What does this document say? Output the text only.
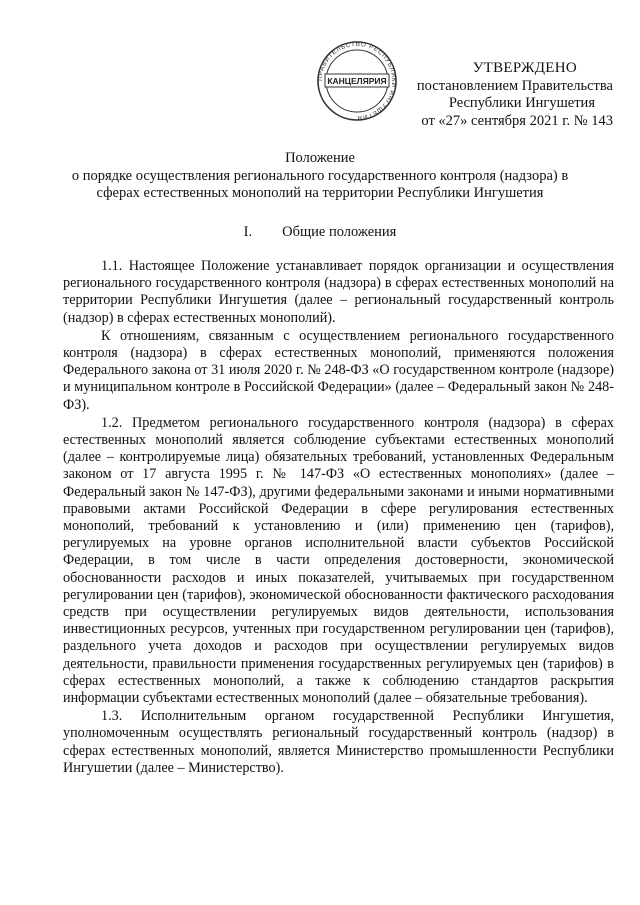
ПРАВИТЕЛЬСТВО РЕСПУБЛИКИ ИНГУШЕТИЯ
КАНЦЕЛЯРИЯ
УТВЕРЖДЕНО
постановлением Правительства
Республики Ингушетия
от «27» сентября 2021 г. № 143
Положение
о порядке осуществления регионального государственного контроля (надзора) в сферах естественных монополий на территории Республики Ингушетия
I. Общие положения

1.1. Настоящее Положение устанавливает порядок организации и осуществления регионального государственного контроля (надзора) в сферах естественных монополий на территории Республики Ингушетия (далее – региональный государственный контроль (надзор) в сферах естественных монополий).

К отношениям, связанным с осуществлением регионального государственного контроля (надзора) в сферах естественных монополий, применяются положения Федерального закона от 31 июля 2020 г. № 248-ФЗ «О государственном контроле (надзоре) и муниципальном контроле в Российской Федерации» (далее – Федеральный закон № 248-ФЗ).

1.2. Предметом регионального государственного контроля (надзора) в сферах естественных монополий является соблюдение субъектами естественных монополий (далее – контролируемые лица) обязательных требований, установленных Федеральным законом от 17 августа 1995 г. № 147-ФЗ «О естественных монополиях» (далее – Федеральный закон № 147-ФЗ), другими федеральными законами и иными нормативными правовыми актами Российской Федерации в сфере регулирования естественных монополий, требований к установлению и (или) применению цен (тарифов), регулируемых на уровне органов исполнительной власти субъектов Российской Федерации, в том числе в части определения достоверности, экономической обоснованности расходов и иных показателей, учитываемых при государственном регулировании цен (тарифов), экономической обоснованности фактического расходования средств при осуществлении регулируемых видов деятельности, использования инвестиционных ресурсов, учтенных при государственном регулировании цен (тарифов), раздельного учета доходов и расходов при осуществлении регулируемых видов деятельности, правильности применения государственных регулируемых цен (тарифов) в сферах естественных монополий, а также к соблюдению стандартов раскрытия информации субъектами естественных монополий (далее – обязательные требования).

1.3. Исполнительным органом государственной Республики Ингушетия, уполномоченным осуществлять региональный государственный контроль (надзор) в сферах естественных монополий, является Министерство промышленности Республики Ингушетии (далее – Министерство).
